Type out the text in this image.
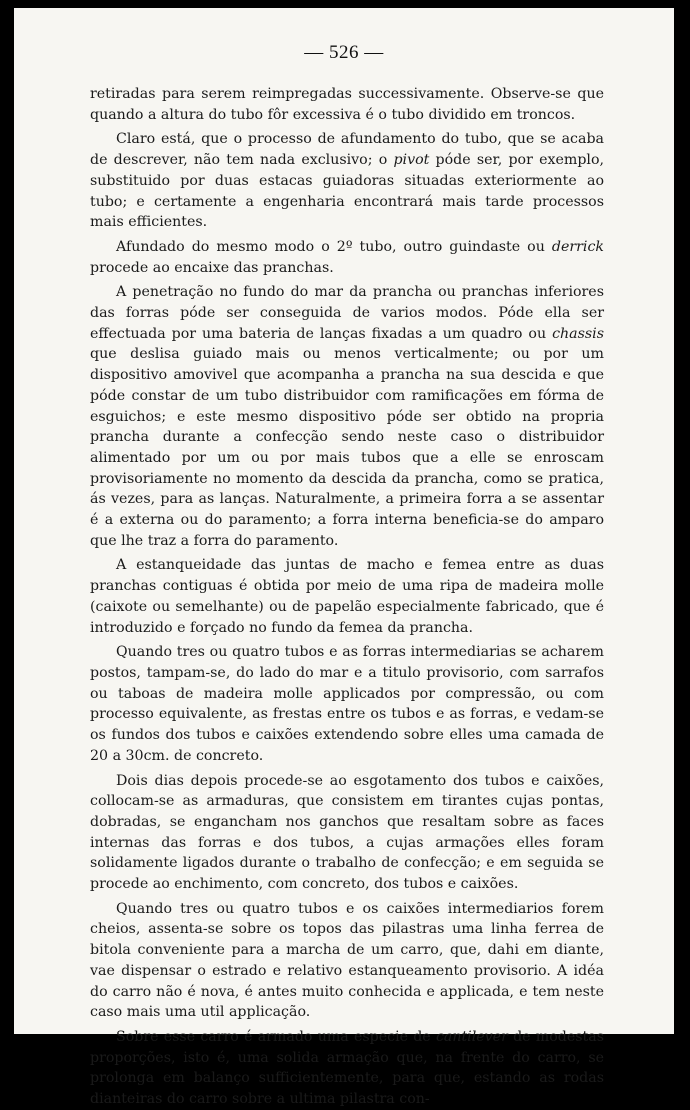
— 526 —

retiradas para serem reimpregadas successivamente. Observe-se que quando a altura do tubo fôr excessiva é o tubo dividido em troncos.

Claro está, que o processo de afundamento do tubo, que se acaba de descrever, não tem nada exclusivo; o pivot póde ser, por exemplo, substituido por duas estacas guiadoras situadas exteriormente ao tubo; e certamente a engenharia encontrará mais tarde processos mais efficientes.

Afundado do mesmo modo o 2º tubo, outro guindaste ou derrick procede ao encaixe das pranchas.

A penetração no fundo do mar da prancha ou pranchas inferiores das forras póde ser conseguida de varios modos. Póde ella ser effectuada por uma bateria de lanças fixadas a um quadro ou chassis que deslisa guiado mais ou menos verticalmente; ou por um dispositivo amovivel que acompanha a prancha na sua descida e que póde constar de um tubo distribuidor com ramificações em fórma de esguichos; e este mesmo dispositivo póde ser obtido na propria prancha durante a confecção sendo neste caso o distribuidor alimentado por um ou por mais tubos que a elle se enroscam provisoriamente no momento da descida da prancha, como se pratica, ás vezes, para as lanças. Naturalmente, a primeira forra a se assentar é a externa ou do paramento; a forra interna beneficia-se do amparo que lhe traz a forra do paramento.

A estanqueidade das juntas de macho e femea entre as duas pranchas contiguas é obtida por meio de uma ripa de madeira molle (caixote ou semelhante) ou de papelão especialmente fabricado, que é introduzido e forçado no fundo da femea da prancha.

Quando tres ou quatro tubos e as forras intermediarias se acharem postos, tampam-se, do lado do mar e a titulo provisorio, com sarrafos ou taboas de madeira molle applicados por compressão, ou com processo equivalente, as frestas entre os tubos e as forras, e vedam-se os fundos dos tubos e caixões extendendo sobre elles uma camada de 20 a 30cm. de concreto.

Dois dias depois procede-se ao esgotamento dos tubos e caixões, collocam-se as armaduras, que consistem em tirantes cujas pontas, dobradas, se engancham nos ganchos que resaltam sobre as faces internas das forras e dos tubos, a cujas armações elles foram solidamente ligados durante o trabalho de confecção; e em seguida se procede ao enchimento, com concreto, dos tubos e caixões.

Quando tres ou quatro tubos e os caixões intermediarios forem cheios, assenta-se sobre os topos das pilastras uma linha ferrea de bitola conveniente para a marcha de um carro, que, dahi em diante, vae dispensar o estrado e relativo estanqueamento provisorio. A idéa do carro não é nova, é antes muito conhecida e applicada, e tem neste caso mais uma util applicação.

Sobre esse carro é armado uma especie de cantilever de modestas proporções, isto é, uma solida armação que, na frente do carro, se prolonga em balanço sufficientemente, para que, estando as rodas dianteiras do carro sobre a ultima pilastra con-
